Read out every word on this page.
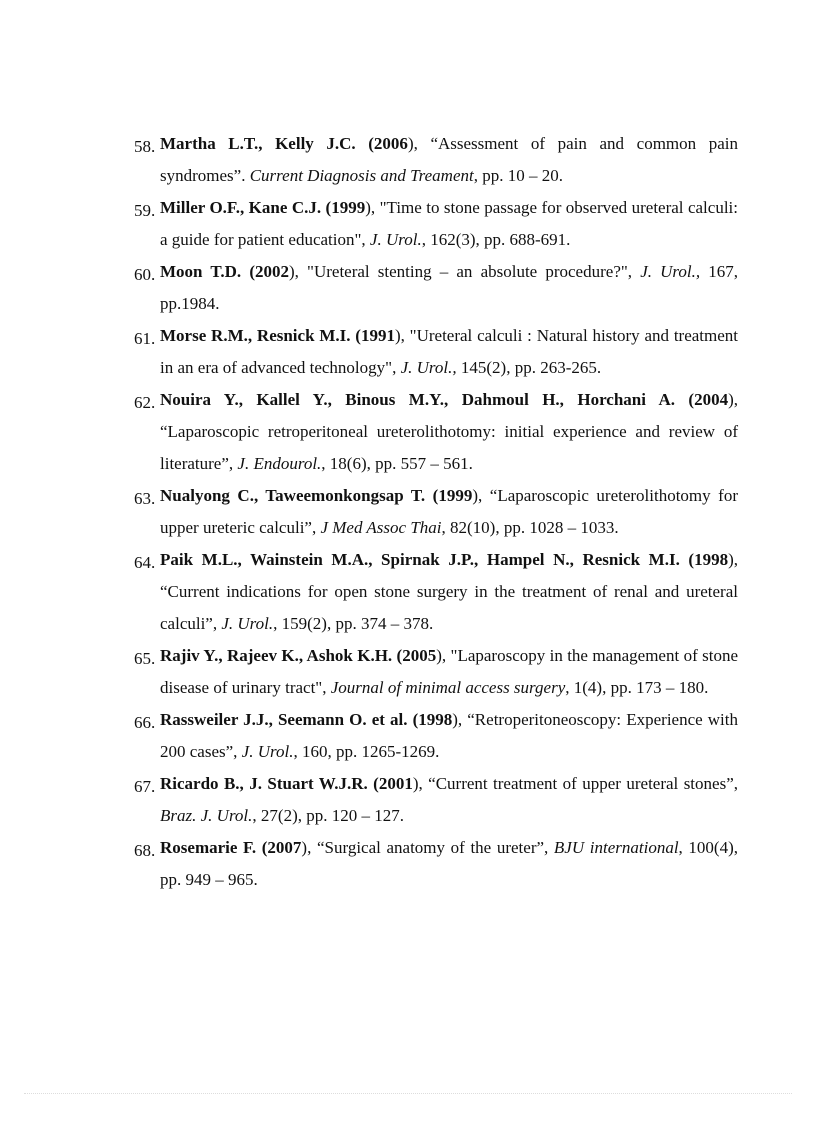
58. Martha L.T., Kelly J.C. (2006), “Assessment of pain and common pain syndromes”. Current Diagnosis and Treament, pp. 10 – 20.
59. Miller O.F., Kane C.J. (1999), "Time to stone passage for observed ureteral calculi: a guide for patient education", J. Urol., 162(3), pp. 688-691.
60. Moon T.D. (2002), "Ureteral stenting – an absolute procedure?", J. Urol., 167, pp.1984.
61. Morse R.M., Resnick M.I. (1991), "Ureteral calculi : Natural history and treatment in an era of advanced technology", J. Urol., 145(2), pp. 263-265.
62. Nouira Y., Kallel Y., Binous M.Y., Dahmoul H., Horchani A. (2004), “Laparoscopic retroperitoneal ureterolithotomy: initial experience and review of literature”, J. Endourol., 18(6), pp. 557 – 561.
63. Nualyong C., Taweemonkongsap T. (1999), “Laparoscopic ureterolithotomy for upper ureteric calculi”, J Med Assoc Thai, 82(10), pp. 1028 – 1033.
64. Paik M.L., Wainstein M.A., Spirnak J.P., Hampel N., Resnick M.I. (1998), “Current indications for open stone surgery in the treatment of renal and ureteral calculi”, J. Urol., 159(2), pp. 374 – 378.
65. Rajiv Y., Rajeev K., Ashok K.H. (2005), "Laparoscopy in the management of stone disease of urinary tract", Journal of minimal access surgery, 1(4), pp. 173 – 180.
66. Rassweiler J.J., Seemann O. et al. (1998), “Retroperitoneoscopy: Experience with 200 cases”, J. Urol., 160, pp. 1265-1269.
67. Ricardo B., J. Stuart W.J.R. (2001), “Current treatment of upper ureteral stones”, Braz. J. Urol., 27(2), pp. 120 – 127.
68. Rosemarie F. (2007), “Surgical anatomy of the ureter”, BJU international, 100(4), pp. 949 – 965.
